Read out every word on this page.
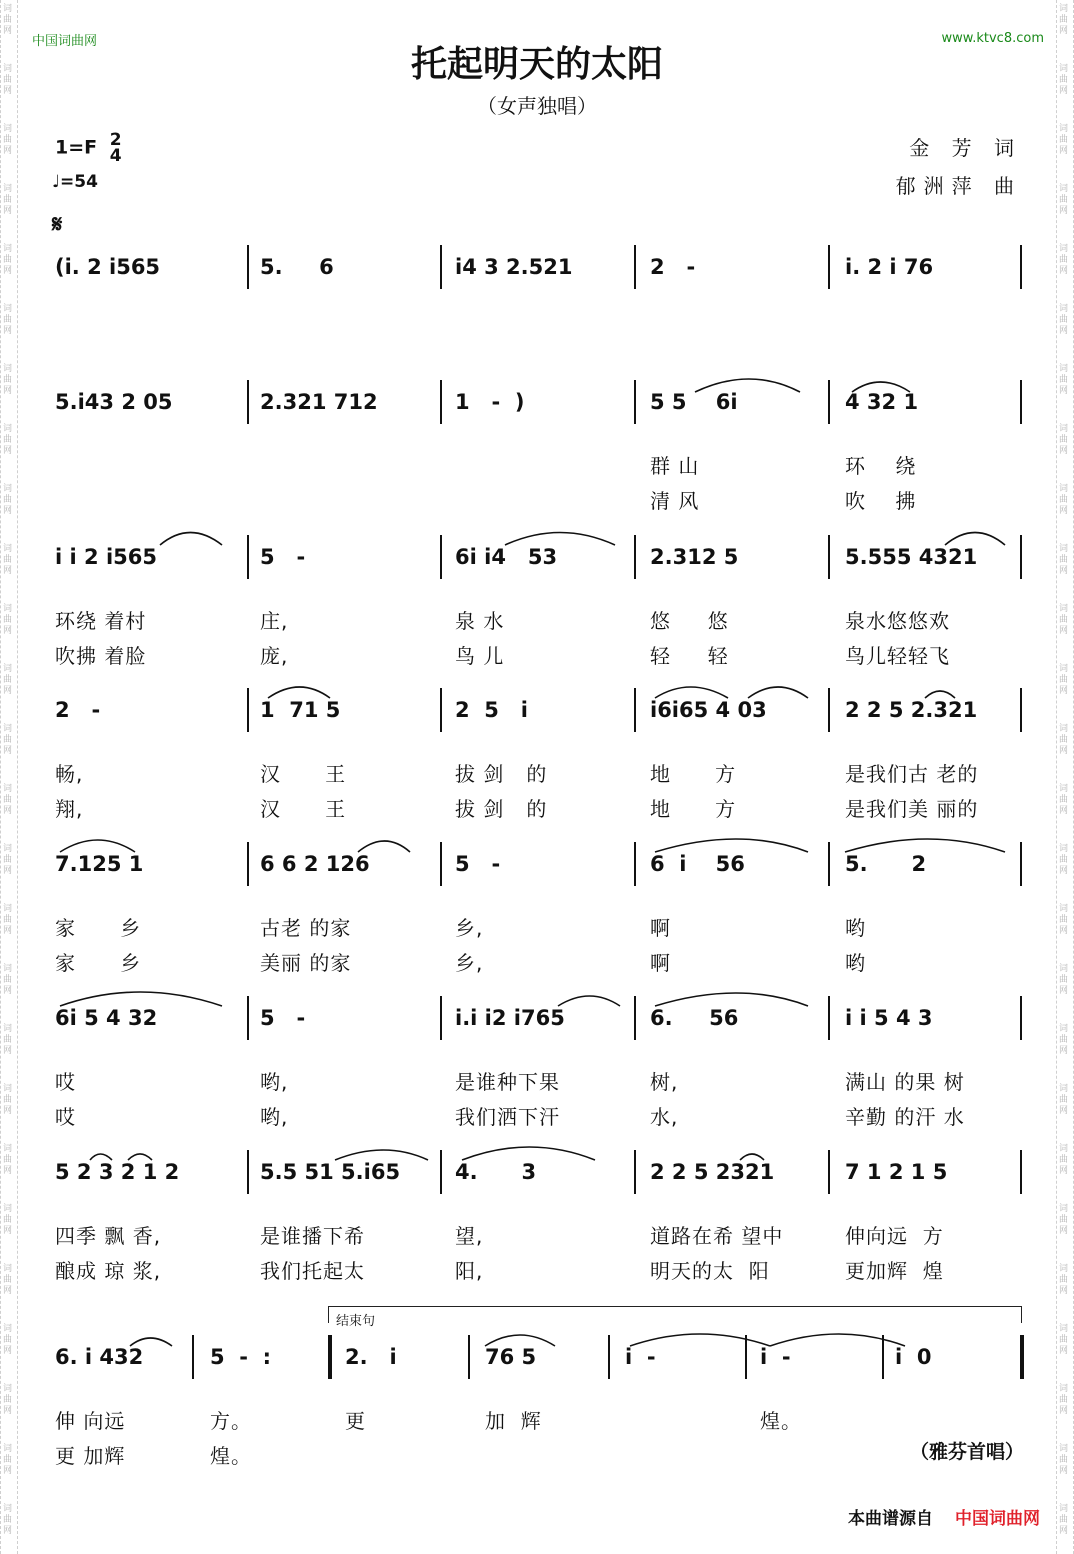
词曲网
词曲网
词曲网
词曲网
词曲网
词曲网
词曲网
词曲网
词曲网
词曲网
词曲网
词曲网
词曲网
词曲网
词曲网
词曲网
词曲网
词曲网
词曲网
词曲网
词曲网
词曲网
词曲网
词曲网
词曲网
词曲网
词曲网
词曲网
词曲网
词曲网
词曲网
词曲网
词曲网
词曲网
词曲网
词曲网
词曲网
词曲网
词曲网
词曲网
词曲网
词曲网
词曲网
词曲网
词曲网
词曲网
词曲网
词曲网
词曲网
词曲网
词曲网
词曲网
中国词曲网	www.ktvc8.com
托起明天的太阳
（女声独唱）
1=F 2
4
♩=54
𝄋
金 芳 词
郁洲萍 曲
(i. 2 i565	5.     6	i4 3 2.521	2   -	i. 2 i 76
5.i43 2 05	2.321 712	1   -  )	5 5    6i	4 32 1
群 山	环    绕
清 风	吹    拂
i i 2 i565	5   -	6i i4   53	2.312 5	5.555 4321
环绕 着村	庄,	泉 水	悠     悠	泉水悠悠欢
吹拂 着脸	庞,	鸟 儿	轻     轻	鸟儿轻轻飞
2   -	1  71 5	2  5   i	i6i65 4 03	2 2 5 2.321
畅,	汉      王	拔 剑   的	地      方	是我们古 老的
翔,	汉      王	拔 剑   的	地      方	是我们美 丽的
7.125 1	6 6 2 126	5   -	6  i    56	5.      2
家      乡	古老 的家	乡,	啊	哟
家      乡	美丽 的家	乡,	啊	哟
6i 5 4 32	5   -	i.i i2 i765	6.     56	i i 5 4 3
哎	哟,	是谁种下果	树,	满山 的果 树
哎	哟,	我们洒下汗	水,	辛勤 的汗 水
5 2 3 2 1 2	5.5 51 5.i65	4.      3	2 2 5 2321	7 1 2 1 5
四季 飘 香,	是谁播下希	望,	道路在希 望中	伸向远  方
酿成 琼 浆,	我们托起太	阳,	明天的太  阳	更加辉  煌
6. i 432	5  -  :	2.   i	76 5	i  -	i  -	i  0
伸 向远	方。	更	加  辉	煌。
更 加辉	煌。
结束句
（雅芬首唱）
本曲谱源自 中国词曲网
